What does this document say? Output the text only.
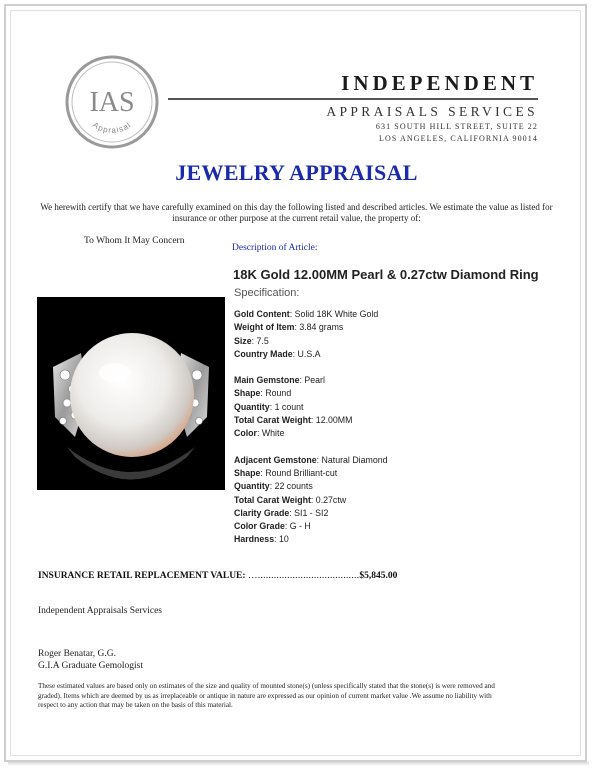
IAS
Appraisal
INDEPENDENT
APPRAISALS SERVICES
631 SOUTH HILL STREET, SUITE 22
LOS ANGELES, CALIFORNIA 90014
JEWELRY APPRAISAL
We herewith certify that we have carefully examined on this day the following listed and described articles. We estimate the value as listed for insurance or other purpose at the current retail value, the property of:
To Whom It May Concern
Description of Article:
18K Gold 12.00MM Pearl & 0.27ctw Diamond Ring
Specification:
Gold Content: Solid 18K White Gold
Weight of Item: 3.84 grams
Size: 7.5
Country Made: U.S.A
Main Gemstone: Pearl
Shape: Round
Quantity: 1 count
Total Carat Weight: 12.00MM
Color: White
Adjacent Gemstone: Natural Diamond
Shape: Round Brilliant-cut
Quantity: 22 counts
Total Carat Weight: 0.27ctw
Clarity Grade: SI1 - SI2
Color Grade: G - H
Hardness: 10
INSURANCE RETAIL REPLACEMENT VALUE: …......................................$5,845.00
Independent Appraisals Services
Roger Benatar, G.G.
G.I.A Graduate Gemologist
These estimated values are based only on estimates of the size and quality of mounted stone(s) (unless specifically stated that the stone(s) is were removed and graded). Items which are deemed by us as irreplaceable or antique in nature are expressed as our opinion of current market value .We assume no liability with respect to any action that may be taken on the basis of this material.
